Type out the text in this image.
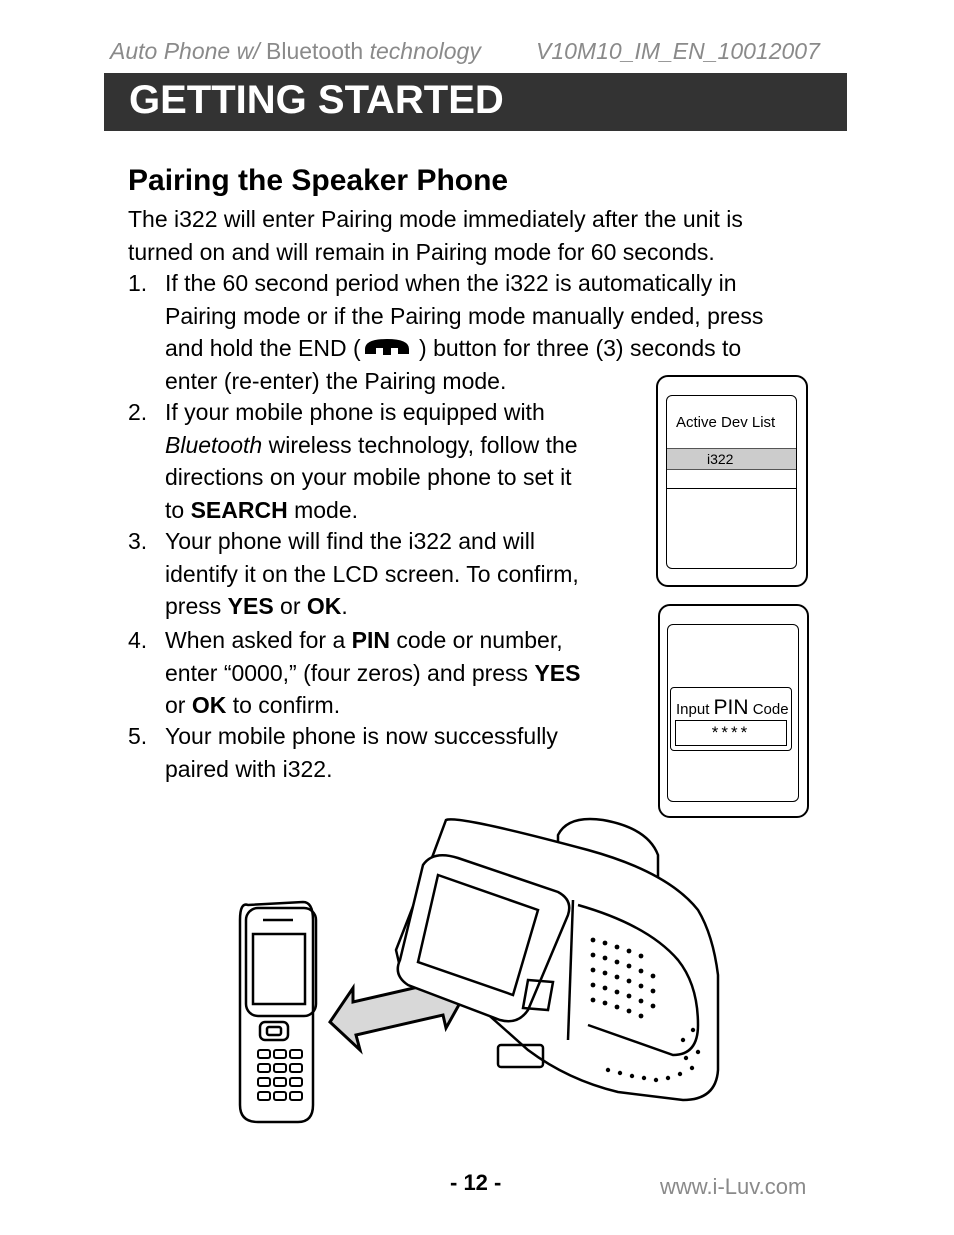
Auto Phone w/ Bluetooth technology V10M10_IM_EN_10012007
GETTING STARTED
Pairing the Speaker Phone
The i322 will enter Pairing mode immediately after the unit is
turned on and will remain in Pairing mode for 60 seconds.
1. If the 60 second period when the i322 is automatically in
Pairing mode or if the Pairing mode manually ended, press
and hold the END ( ) button for three (3) seconds to
enter (re-enter) the Pairing mode.
2. If your mobile phone is equipped with
Bluetooth wireless technology, follow the
directions on your mobile phone to set it
to SEARCH mode.
3. Your phone will find the i322 and will
identify it on the LCD screen. To confirm,
press YES or OK.
4. When asked for a PIN code or number,
enter “0000,” (four zeros) and press YES
or OK to confirm.
5. Your mobile phone is now successfully
paired with i322.
Active Dev List
i322
Input PIN Code
****
- 12 -	www.i-Luv.com
